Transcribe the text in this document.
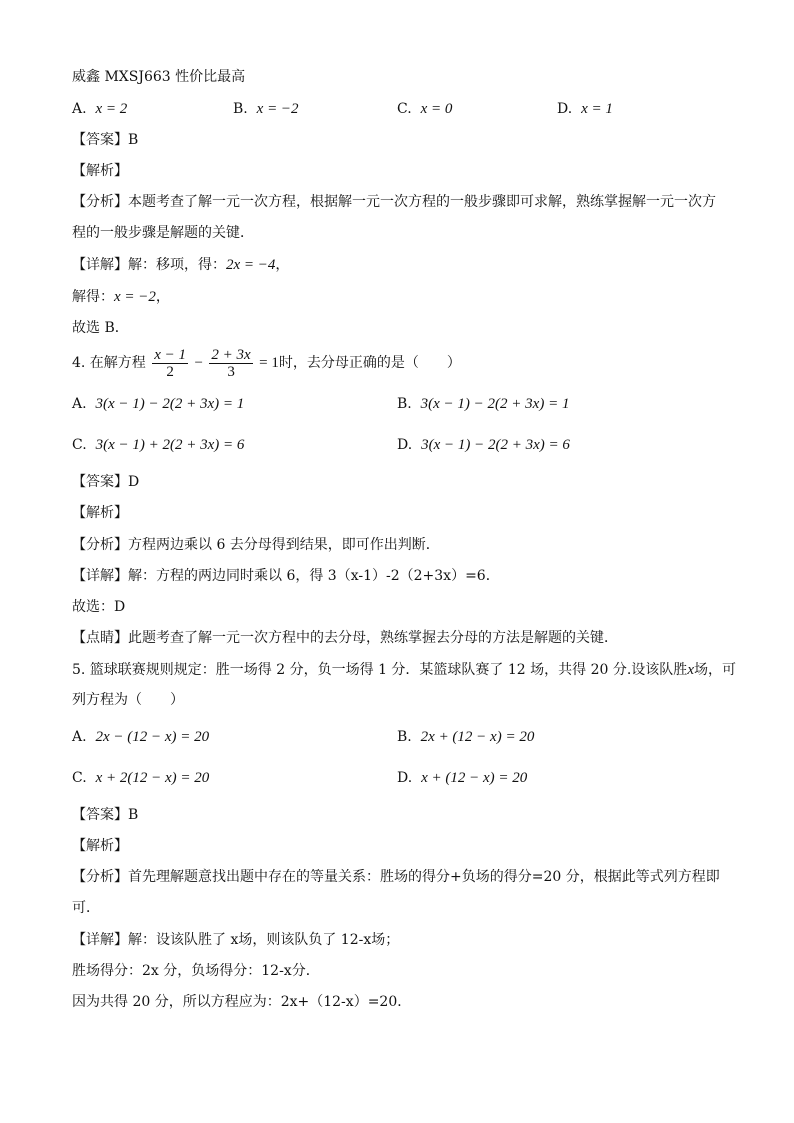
威鑫 MXSJ663 性价比最高
A. x = 2	B. x = −2	C. x = 0	D. x = 1
【答案】B
【解析】
【分析】本题考查了解一元一次方程，根据解一元一次方程的一般步骤即可求解，熟练掌握解一元一次方
程的一般步骤是解题的关键．
【详解】解：移项，得：2x = −4，
解得：x = −2，
故选 B．
4. 在解方程 $\frac{x - 1}{2} - \frac{2 + 3x}{3} = 1$时，去分母正确的是（　　）
A. 3(x − 1) − 2(2 + 3x) = 1	B. 3(x − 1) − 2(2 + 3x) = 1
C. 3(x − 1) + 2(2 + 3x) = 6	D. 3(x − 1) − 2(2 + 3x) = 6
【答案】D
【解析】
【分析】方程两边乘以 6 去分母得到结果，即可作出判断．
【详解】解：方程的两边同时乘以 6，得 3（x-1）-2（2+3x）=6．
故选：D
【点睛】此题考查了解一元一次方程中的去分母，熟练掌握去分母的方法是解题的关键．
5. 篮球联赛规则规定：胜一场得 2 分，负一场得 1 分．某篮球队赛了 12 场，共得 20 分.设该队胜x场，可
列方程为（　　）
A. 2x − (12 − x) = 20	B. 2x + (12 − x) = 20
C. x + 2(12 − x) = 20	D. x + (12 − x) = 20
【答案】B
【解析】
【分析】首先理解题意找出题中存在的等量关系：胜场的得分+负场的得分=20 分，根据此等式列方程即
可．
【详解】解：设该队胜了 x场，则该队负了 12-x场；
胜场得分：2x 分，负场得分：12-x分．
因为共得 20 分，所以方程应为：2x+（12-x）=20．
